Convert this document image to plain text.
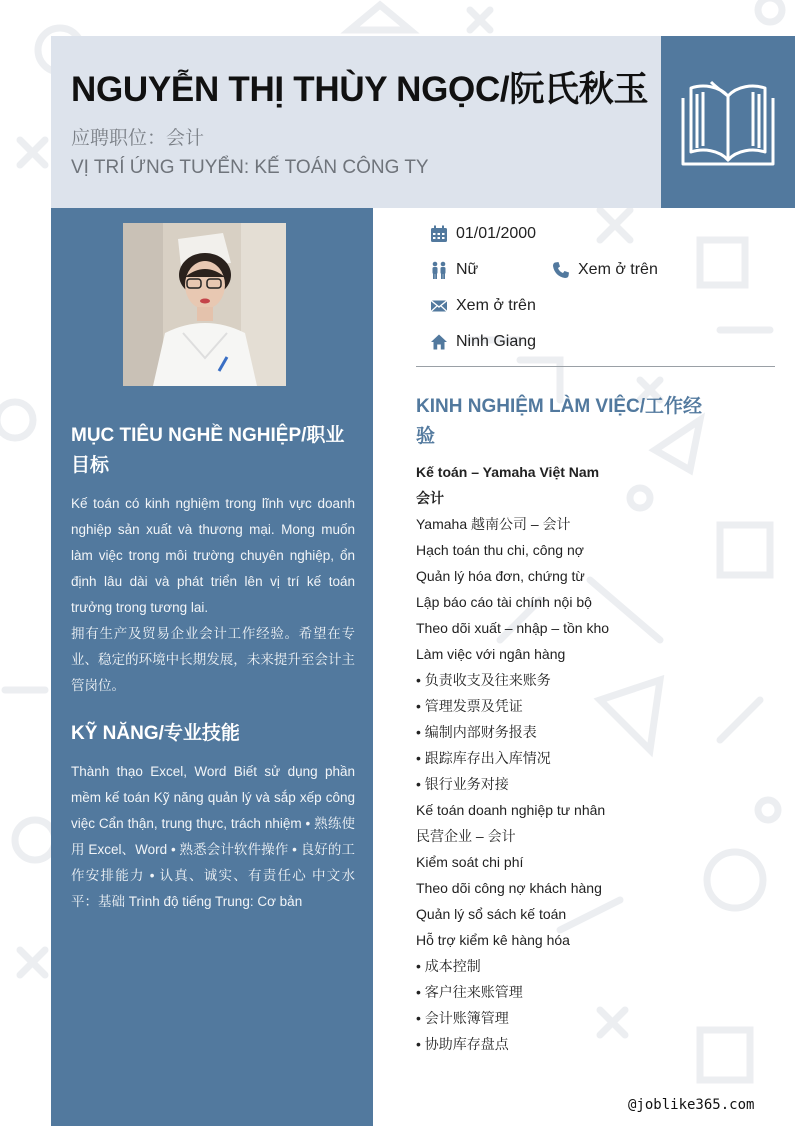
NGUYỄN THỊ THÙY NGỌC/阮氏秋玉
应聘职位：会计
VỊ TRÍ ỨNG TUYỂN: KẾ TOÁN CÔNG TY
MỤC TIÊU NGHỀ NGHIỆP/职业目标

Kế toán có kinh nghiệm trong lĩnh vực doanh nghiệp sản xuất và thương mại. Mong muốn làm việc trong môi trường chuyên nghiệp, ổn định lâu dài và phát triển lên vị trí kế toán trưởng trong tương lai.

拥有生产及贸易企业会计工作经验。希望在专业、稳定的环境中长期发展，未来提升至会计主管岗位。

KỸ NĂNG/专业技能

Thành thạo Excel, Word Biết sử dụng phần mềm kế toán Kỹ năng quản lý và sắp xếp công việc Cẩn thận, trung thực, trách nhiệm • 熟练使用 Excel、Word • 熟悉会计软件操作 • 良好的工作安排能力 • 认真、诚实、有责任心 中文水平：基础 Trình độ tiếng Trung: Cơ bản

01/01/2000
Nữ	Xem ở trên
Xem ở trên
Ninh Giang
KINH NGHIỆM LÀM VIỆC/工作经验
Kế toán – Yamaha Việt Nam
会计
Yamaha 越南公司 – 会计
Hạch toán thu chi, công nợ
Quản lý hóa đơn, chứng từ
Lập báo cáo tài chính nội bộ
Theo dõi xuất – nhập – tồn kho
Làm việc với ngân hàng
• 负责收支及往来账务
• 管理发票及凭证
• 编制内部财务报表
• 跟踪库存出入库情况
• 银行业务对接
Kế toán doanh nghiệp tư nhân
民营企业 – 会计
Kiểm soát chi phí
Theo dõi công nợ khách hàng
Quản lý sổ sách kế toán
Hỗ trợ kiểm kê hàng hóa
• 成本控制
• 客户往来账管理
• 会计账簿管理
• 协助库存盘点
@joblike365.com
